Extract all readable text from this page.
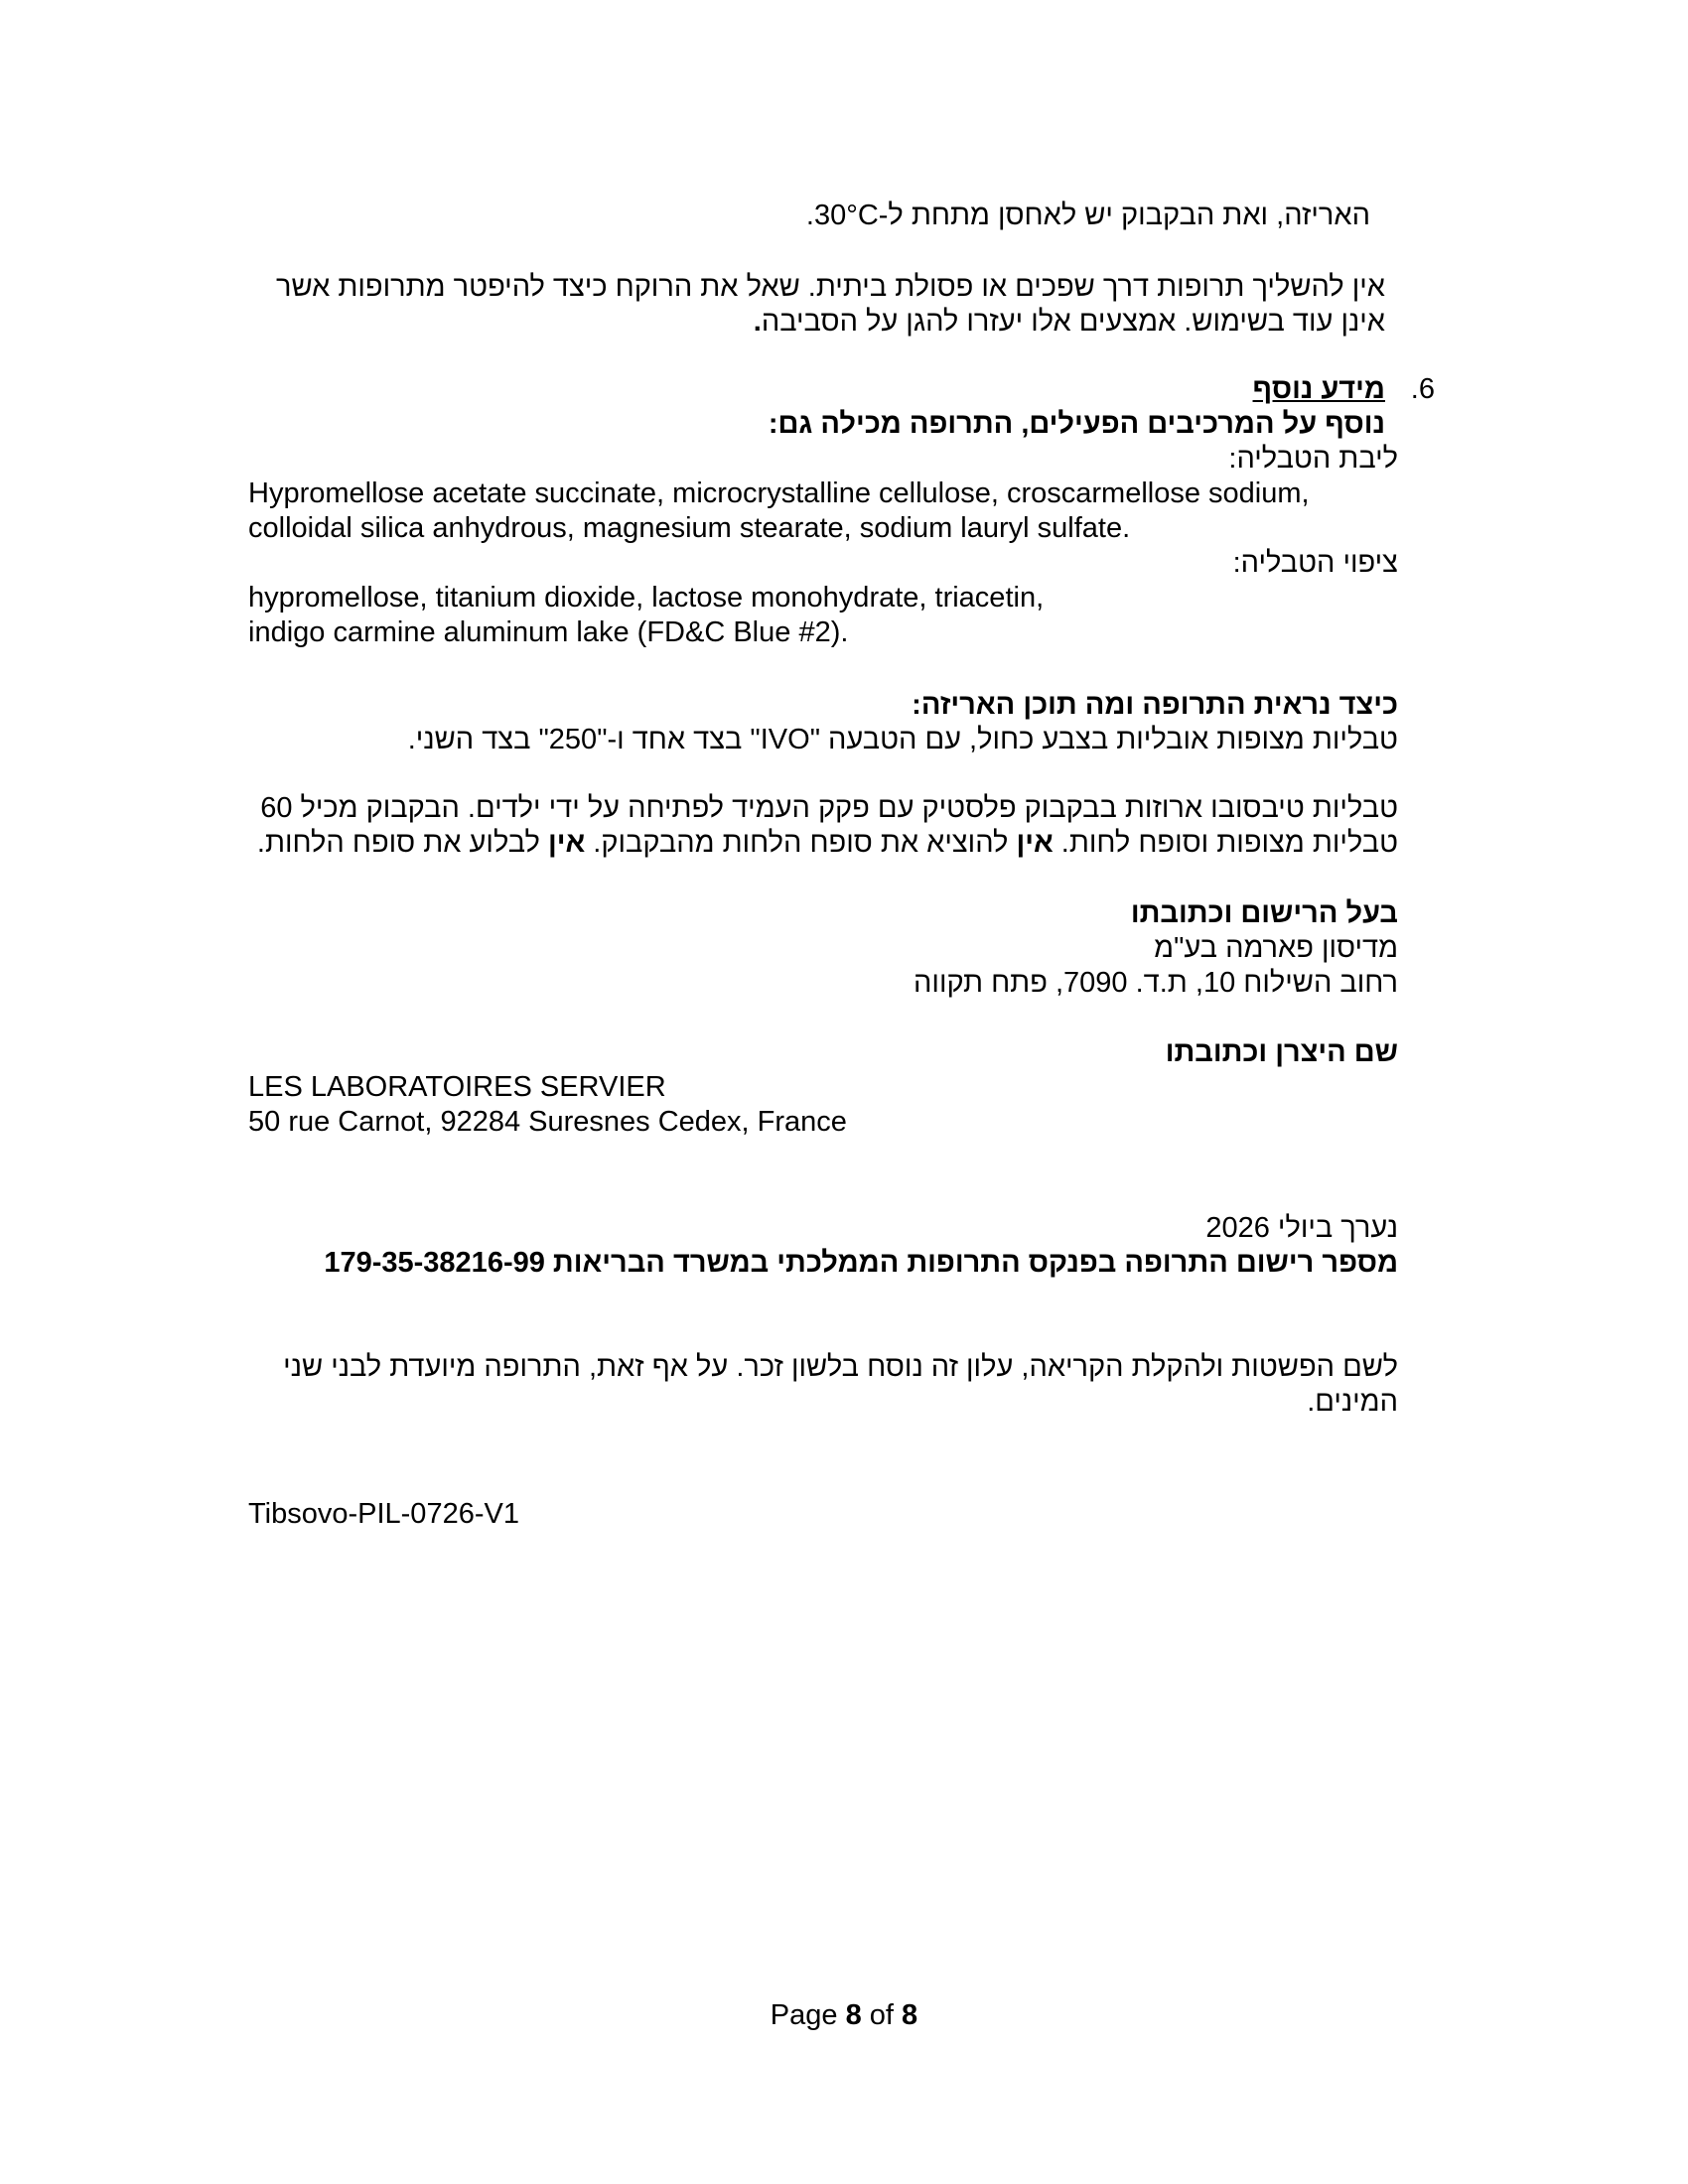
האריזה, ואת הבקבוק יש לאחסן מתחת ל-30°C.
אין להשליך תרופות דרך שפכים או פסולת ביתית. שאל את הרוקח כיצד להיפטר מתרופות אשר
אינן עוד בשימוש. אמצעים אלו יעזרו להגן על הסביבה.
6.
מידע נוסף
נוסף על המרכיבים הפעילים, התרופה מכילה גם:
ליבת הטבליה:
Hypromellose acetate succinate, microcrystalline cellulose, croscarmellose sodium,
colloidal silica anhydrous, magnesium stearate, sodium lauryl sulfate.
ציפוי הטבליה:
hypromellose, titanium dioxide, lactose monohydrate, triacetin,
indigo carmine aluminum lake (FD&C Blue #2).
כיצד נראית התרופה ומה תוכן האריזה:
טבליות מצופות אובליות בצבע כחול, עם הטבעה "IVO" בצד אחד ו-"250" בצד השני.
טבליות טיבסובו ארוזות בבקבוק פלסטיק עם פקק העמיד לפתיחה על ידי ילדים. הבקבוק מכיל 60
טבליות מצופות וסופח לחות. אין להוציא את סופח הלחות מהבקבוק. אין לבלוע את סופח הלחות.
בעל הרישום וכתובתו
מדיסון פארמה בע"מ
רחוב השילוח 10, ת.ד. 7090, פתח תקווה
שם היצרן וכתובתו
LES LABORATOIRES SERVIER
50 rue Carnot, 92284 Suresnes Cedex, France
נערך ביולי 2026
מספר רישום התרופה בפנקס התרופות הממלכתי במשרד הבריאות 179-35-38216-99
לשם הפשטות ולהקלת הקריאה, עלון זה נוסח בלשון זכר. על אף זאת, התרופה מיועדת לבני שני
המינים.
Tibsovo-PIL-0726-V1
Page 8 of 8
